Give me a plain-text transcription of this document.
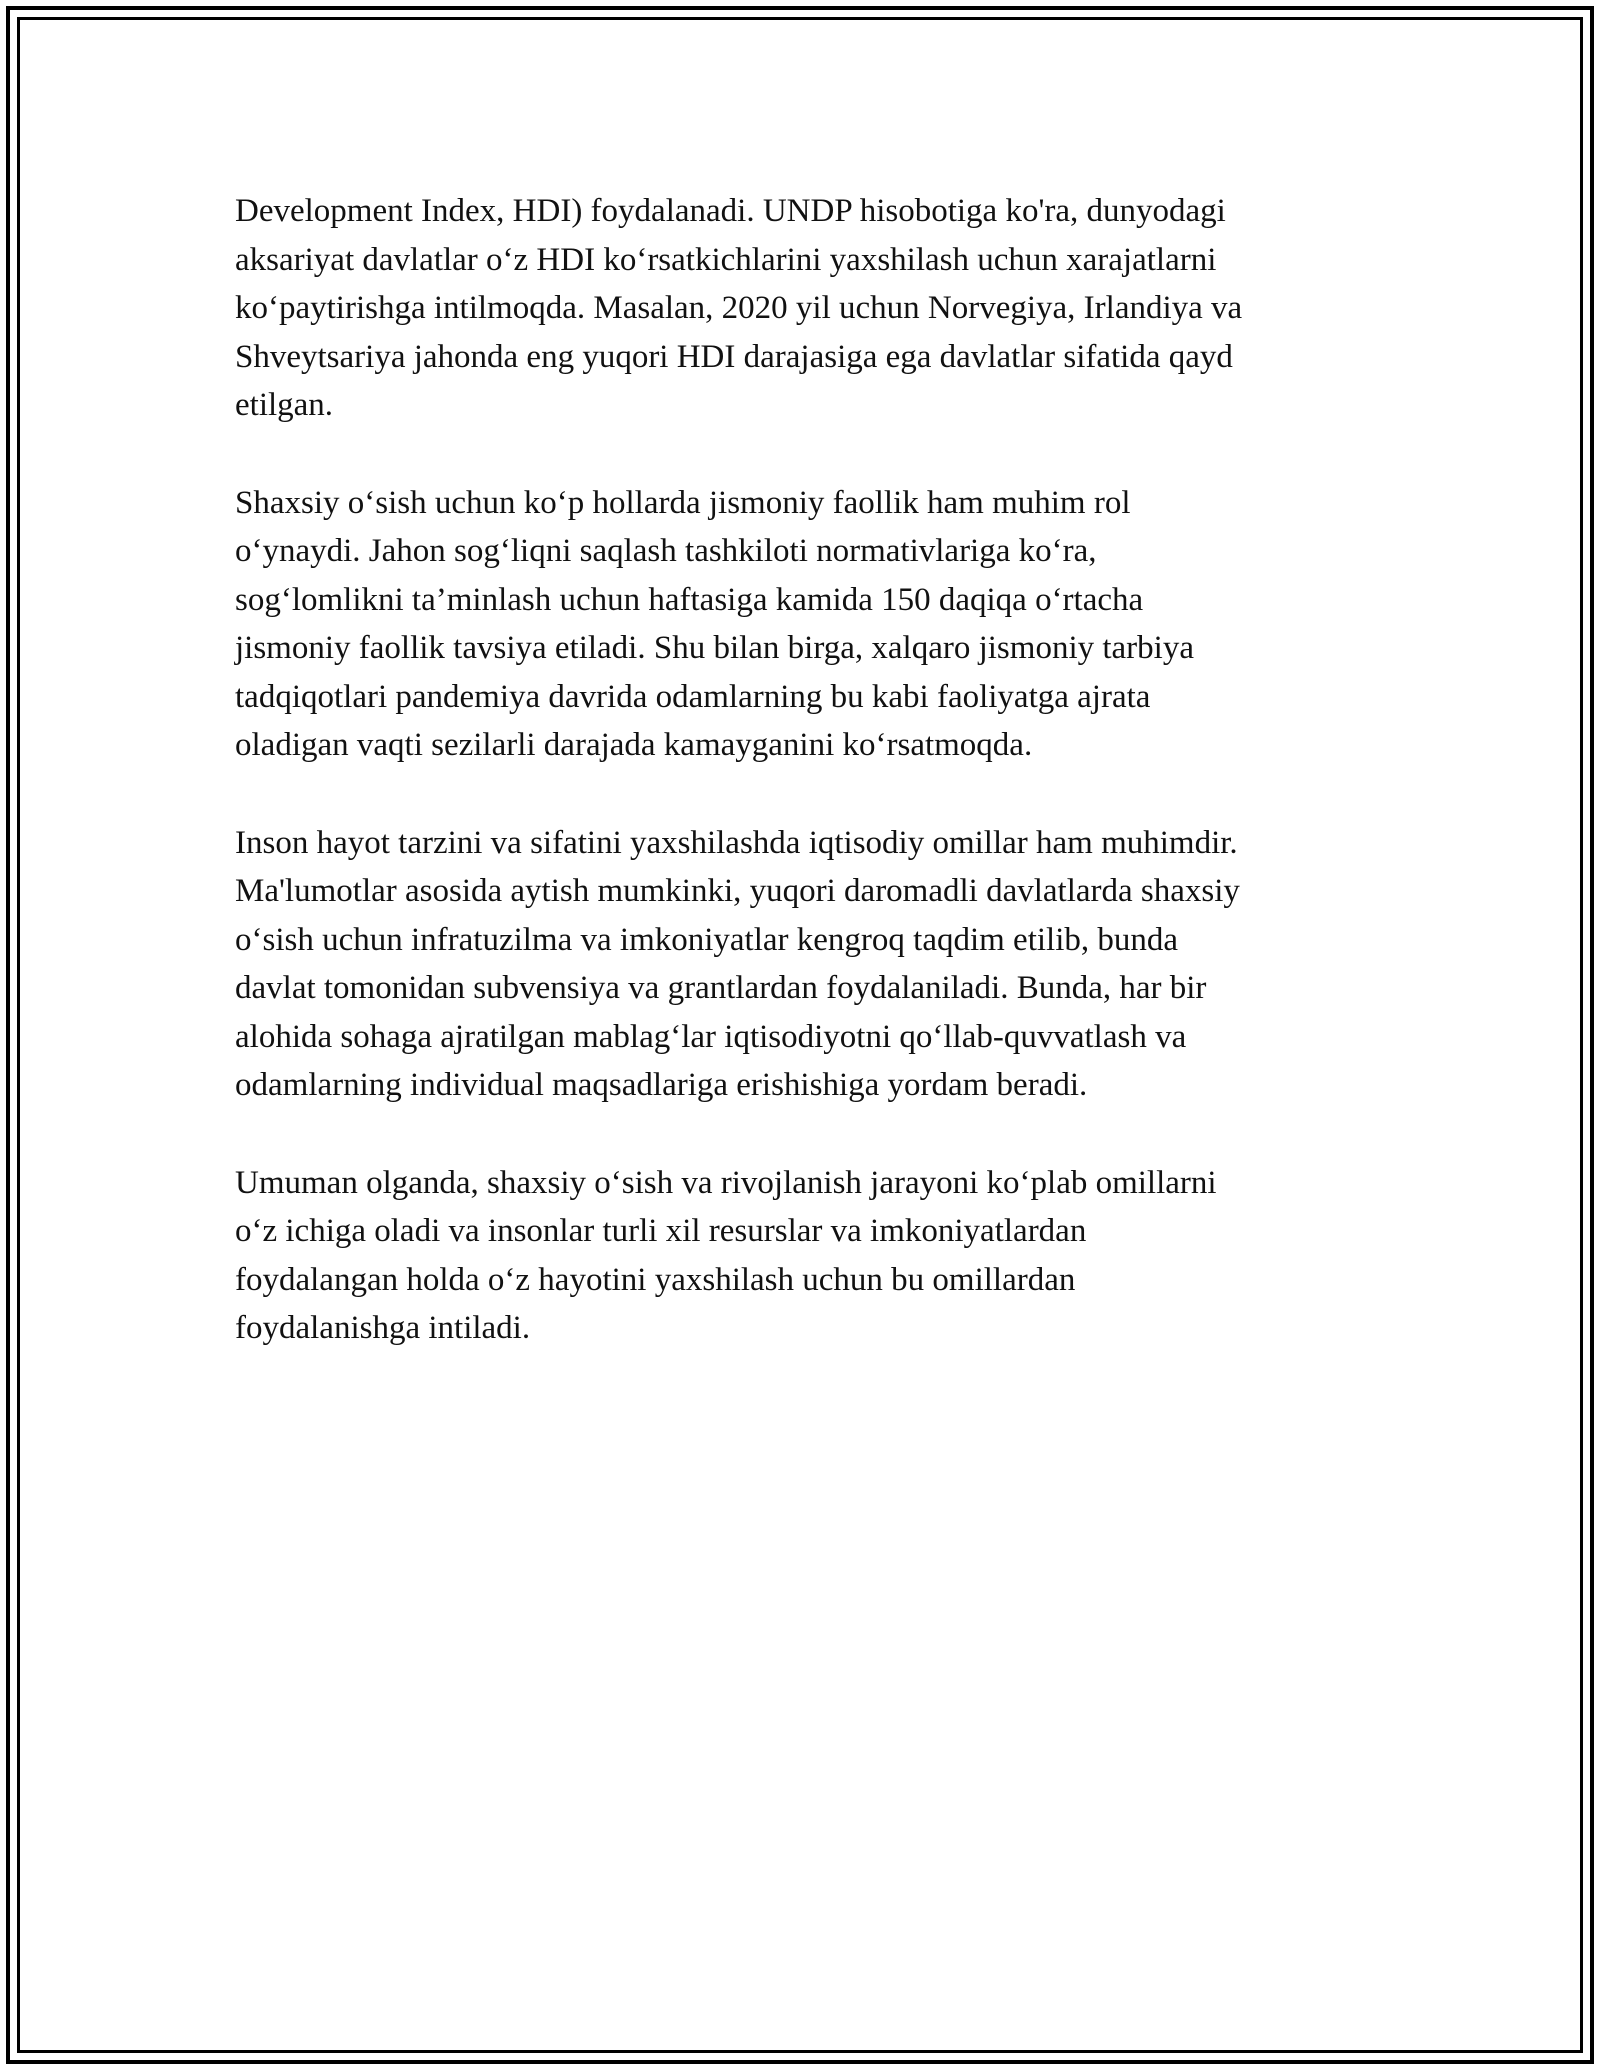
Development Index, HDI) foydalanadi. UNDP hisobotiga ko'ra, dunyodagi
aksariyat davlatlar o‘z HDI ko‘rsatkichlarini yaxshilash uchun xarajatlarni
ko‘paytirishga intilmoqda. Masalan, 2020 yil uchun Norvegiya, Irlandiya va
Shveytsariya jahonda eng yuqori HDI darajasiga ega davlatlar sifatida qayd
etilgan.

Shaxsiy o‘sish uchun ko‘p hollarda jismoniy faollik ham muhim rol
o‘ynaydi. Jahon sog‘liqni saqlash tashkiloti normativlariga ko‘ra,
sog‘lomlikni ta’minlash uchun haftasiga kamida 150 daqiqa o‘rtacha
jismoniy faollik tavsiya etiladi. Shu bilan birga, xalqaro jismoniy tarbiya
tadqiqotlari pandemiya davrida odamlarning bu kabi faoliyatga ajrata
oladigan vaqti sezilarli darajada kamayganini ko‘rsatmoqda.

Inson hayot tarzini va sifatini yaxshilashda iqtisodiy omillar ham muhimdir.
Ma'lumotlar asosida aytish mumkinki, yuqori daromadli davlatlarda shaxsiy
o‘sish uchun infratuzilma va imkoniyatlar kengroq taqdim etilib, bunda
davlat tomonidan subvensiya va grantlardan foydalaniladi. Bunda, har bir
alohida sohaga ajratilgan mablag‘lar iqtisodiyotni qo‘llab-quvvatlash va
odamlarning individual maqsadlariga erishishiga yordam beradi.

Umuman olganda, shaxsiy o‘sish va rivojlanish jarayoni ko‘plab omillarni
o‘z ichiga oladi va insonlar turli xil resurslar va imkoniyatlardan
foydalangan holda o‘z hayotini yaxshilash uchun bu omillardan
foydalanishga intiladi.
